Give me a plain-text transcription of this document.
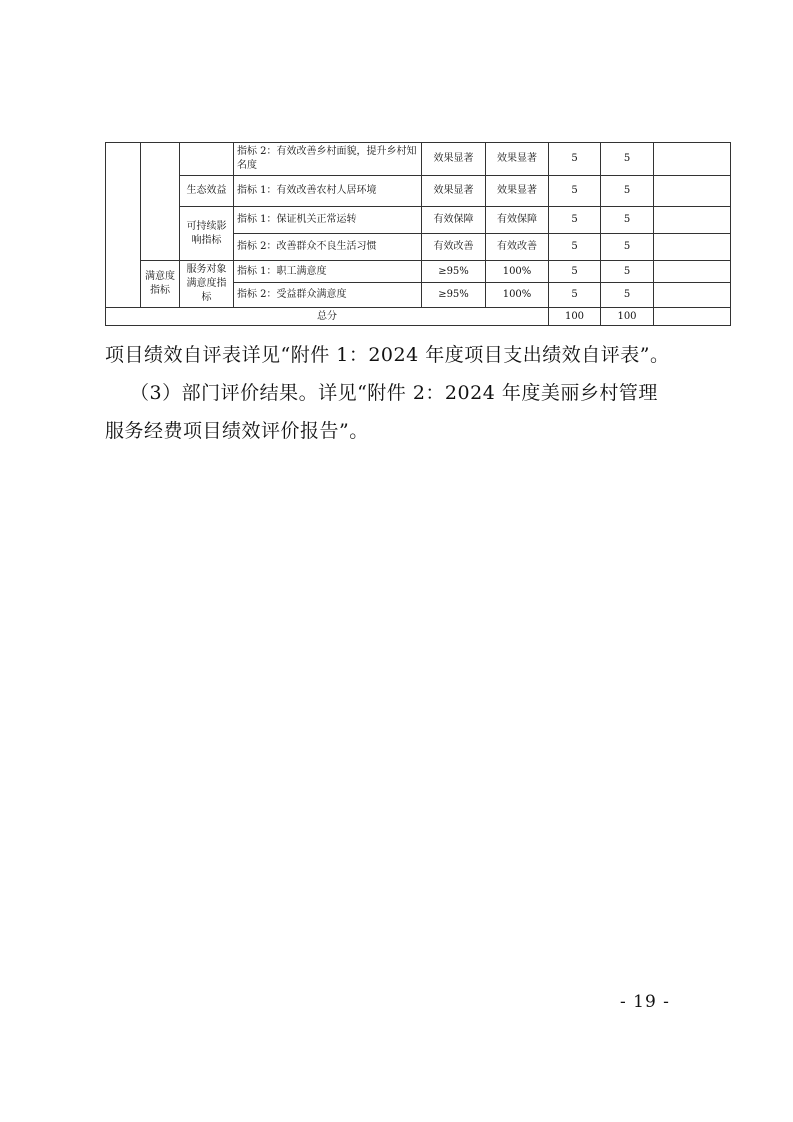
			指标 2：有效改善乡村面貌，提升乡村知名度	效果显著	效果显著	5	5	
		生态效益	指标 1：有效改善农村人居环境	效果显著	效果显著	5	5	
		可持续影响指标	指标 1：保证机关正常运转	有效保障	有效保障	5	5	
			指标 2：改善群众不良生活习惯	有效改善	有效改善	5	5	
	满意度指标	服务对象满意度指标	指标 1：职工满意度	≥95%	100%	5	5	
			指标 2：受益群众满意度	≥95%	100%	5	5	
总分						100	100	

项目绩效自评表详见“附件 1：2024 年度项目支出绩效自评表”。

（3）部门评价结果。详见“附件 2：2024 年度美丽乡村管理

服务经费项目绩效评价报告”。

- 19 -
